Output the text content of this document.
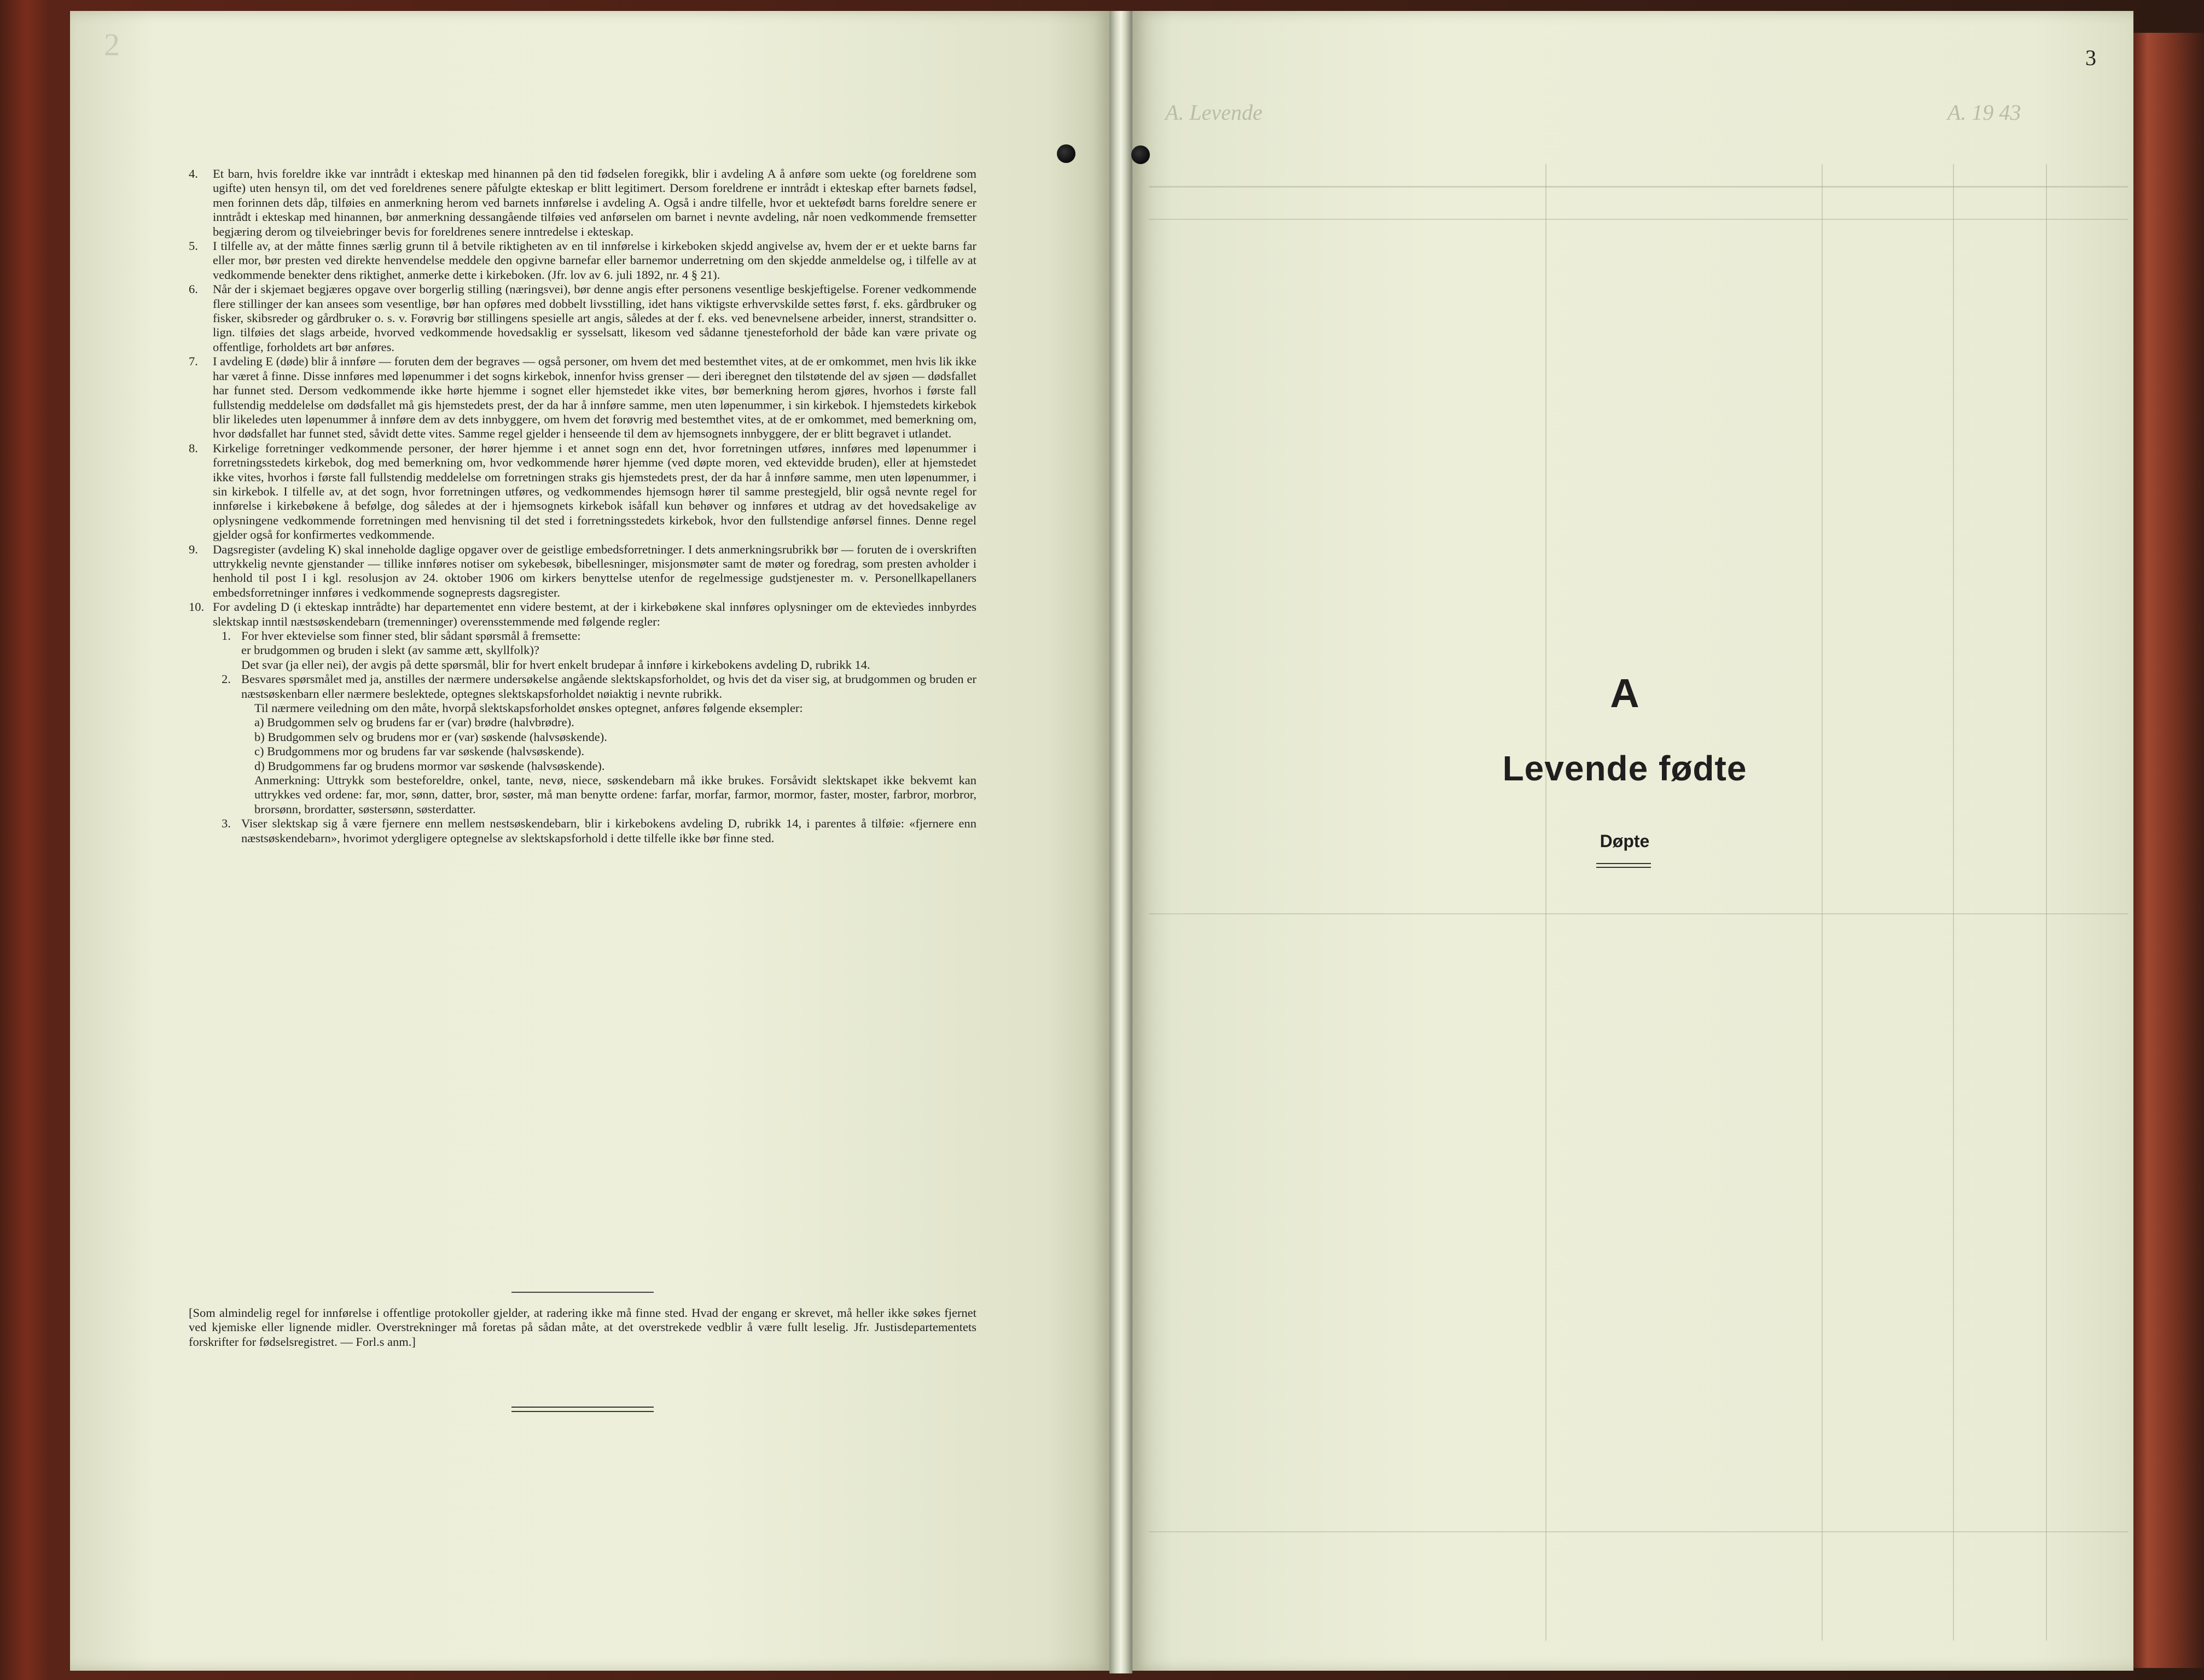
2
4.	Et barn, hvis foreldre ikke var inntrådt i ekteskap med hinannen på den tid fødselen foregikk, blir i avdeling A å anføre som uekte (og foreldrene som ugifte) uten hensyn til, om det ved foreldrenes senere påfulgte ekteskap er blitt legitimert. Dersom foreldrene er inntrådt i ekteskap efter barnets fødsel, men forinnen dets dåp, tilføies en anmerkning herom ved barnets innførelse i avdeling A. Også i andre tilfelle, hvor et uektefødt barns foreldre senere er inntrådt i ekteskap med hinannen, bør anmerkning dessangående tilføies ved anførselen om barnet i nevnte avdeling, når noen vedkommende fremsetter begjæring derom og tilveiebringer bevis for foreldrenes senere inntredelse i ekteskap.
5.	I tilfelle av, at der måtte finnes særlig grunn til å betvile riktigheten av en til innførelse i kirkeboken skjedd angivelse av, hvem der er et uekte barns far eller mor, bør presten ved direkte henvendelse meddele den opgivne barnefar eller barnemor underretning om den skjedde anmeldelse og, i tilfelle av at vedkommende benekter dens riktighet, anmerke dette i kirkeboken. (Jfr. lov av 6. juli 1892, nr. 4 § 21).
6.	Når der i skjemaet begjæres opgave over borgerlig stilling (næringsvei), bør denne angis efter personens vesentlige beskjeftigelse. Forener vedkommende flere stillinger der kan ansees som vesentlige, bør han opføres med dobbelt livsstilling, idet hans viktigste erhvervskilde settes først, f. eks. gårdbruker og fisker, skibsreder og gårdbruker o. s. v. Forøvrig bør stillingens spesielle art angis, således at der f. eks. ved benevnelsene arbeider, innerst, strandsitter o. lign. tilføies det slags arbeide, hvorved vedkommende hovedsaklig er sysselsatt, likesom ved sådanne tjenesteforhold der både kan være private og offentlige, forholdets art bør anføres.
7.	I avdeling E (døde) blir å innføre — foruten dem der begraves — også personer, om hvem det med bestemthet vites, at de er omkommet, men hvis lik ikke har været å finne. Disse innføres med løpenummer i det sogns kirkebok, innenfor hviss grenser — deri iberegnet den tilstøtende del av sjøen — dødsfallet har funnet sted. Dersom vedkommende ikke hørte hjemme i sognet eller hjemstedet ikke vites, bør bemerkning herom gjøres, hvorhos i første fall fullstendig meddelelse om dødsfallet må gis hjemstedets prest, der da har å innføre samme, men uten løpenummer, i sin kirkebok. I hjemstedets kirkebok blir likeledes uten løpenummer å innføre dem av dets innbyggere, om hvem det forøvrig med bestemthet vites, at de er omkommet, med bemerkning om, hvor dødsfallet har funnet sted, såvidt dette vites. Samme regel gjelder i henseende til dem av hjemsognets innbyggere, der er blitt begravet i utlandet.
8.	Kirkelige forretninger vedkommende personer, der hører hjemme i et annet sogn enn det, hvor forretningen utføres, innføres med løpenummer i forretningsstedets kirkebok, dog med bemerkning om, hvor vedkommende hører hjemme (ved døpte moren, ved ektevidde bruden), eller at hjemstedet ikke vites, hvorhos i første fall fullstendig meddelelse om forretningen straks gis hjemstedets prest, der da har å innføre samme, men uten løpenummer, i sin kirkebok. I tilfelle av, at det sogn, hvor forretningen utføres, og vedkommendes hjemsogn hører til samme prestegjeld, blir også nevnte regel for innførelse i kirkebøkene å befølge, dog således at der i hjemsognets kirkebok isåfall kun behøver og innføres et utdrag av det hovedsakelige av oplysningene vedkommende forretningen med henvisning til det sted i forretningsstedets kirkebok, hvor den fullstendige anførsel finnes. Denne regel gjelder også for konfirmertes vedkommende.
9.	Dagsregister (avdeling K) skal inneholde daglige opgaver over de geistlige embedsforretninger. I dets anmerkningsrubrikk bør — foruten de i overskriften uttrykkelig nevnte gjenstander — tillike innføres notiser om sykebesøk, bibellesninger, misjonsmøter samt de møter og foredrag, som presten avholder i henhold til post I i kgl. resolusjon av 24. oktober 1906 om kirkers benyttelse utenfor de regelmessige gudstjenester m. v. Personellkapellaners embedsforretninger innføres i vedkommende sogneprests dagsregister.
10. For avdeling D (i ekteskap inntrådte) har departementet enn videre bestemt, at der i kirkebøkene skal innføres oplysninger om de ektevìedes innbyrdes slektskap inntil næstsøskendebarn (tremenninger) overensstemmende med følgende regler:
1. For hver ektevielse som finner sted, blir sådant spørsmål å fremsette:
er brudgommen og bruden i slekt (av samme ætt, skyllfolk)?
Det svar (ja eller nei), der avgis på dette spørsmål, blir for hvert enkelt brudepar å innføre i kirkebokens avdeling D, rubrikk 14.
2. Besvares spørsmålet med ja, anstilles der nærmere undersøkelse angående slektskapsforholdet, og hvis det da viser sig, at brudgommen og bruden er næstsøskenbarn eller nærmere beslektede, optegnes slektskapsforholdet nøiaktig i nevnte rubrikk.
Til nærmere veiledning om den måte, hvorpå slektskapsforholdet ønskes optegnet, anføres følgende eksempler:
a) Brudgommen selv og brudens far er (var) brødre (halvbrødre).
b) Brudgommen selv og brudens mor er (var) søskende (halvsøskende).
c) Brudgommens mor og brudens far var søskende (halvsøskende).
d) Brudgommens far og brudens mormor var søskende (halvsøskende).
Anmerkning: Uttrykk som besteforeldre, onkel, tante, nevø, niece, søskendebarn må ikke brukes. Forsåvidt slektskapet ikke bekvemt kan uttrykkes ved ordene: far, mor, sønn, datter, bror, søster, må man benytte ordene: farfar, morfar, farmor, mormor, faster, moster, farbror, morbror, brorsønn, brordatter, søstersønn, søsterdatter.
3. Viser slektskap sig å være fjernere enn mellem nestsøskendebarn, blir i kirkebokens avdeling D, rubrikk 14, i parentes å tilføie: «fjernere enn næstsøskendebarn», hvorimot ydergligere optegnelse av slektskapsforhold i dette tilfelle ikke bør finne sted.
[Som almindelig regel for innførelse i offentlige protokoller gjelder, at radering ikke må finne sted. Hvad der engang er skrevet, må heller ikke søkes fjernet ved kjemiske eller lignende midler. Overstrekninger må foretas på sådan måte, at det overstrekede vedblir å være fullt leselig. Jfr. Justisdepartementets forskrifter for fødselsregistret. — Forl.s anm.]
3
A. Levende	A. 19 43
A
Levende fødte
Døpte
